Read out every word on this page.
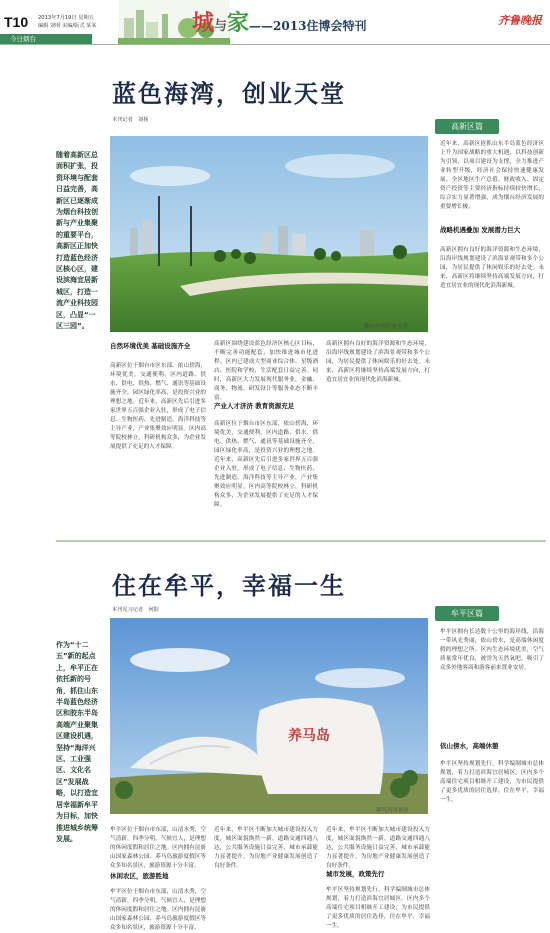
T10 2013年7月19日 星期五
编辑 刘明 美编/版式 某某
今日烟台
城与家——2013住博会特刊	齐鲁晚报
蓝色海湾，创业天堂
本刊记者　刘杨
高新区篇
随着高新区总面积扩张，投资环境与配套日益完善，高新区已逐渐成为烟台科技创新与产业集聚的重要平台，高新区正加快打造蓝色经济区核心区，建设滨海宜居新城区，打造一流产业科技园区，凸显“一区三园”。	烟台中国农业大学
近年来，高新区抢抓山东半岛蓝色经济区上升为国家战略的重大机遇，以科技创新为引领，以项目建设为支撑，全力推进产业转型升级，经济社会保持快速健康发展。全区地区生产总值、财政收入、固定资产投资等主要经济指标持续较快增长，综合实力显著增强，成为烟台经济发展的重要增长极。
战略机遇叠加 发展潜力巨大
高新区拥有良好的海洋资源和生态环境，沿海岸线规划建设了滨海景观带和多个公园，为居民提供了休闲娱乐的好去处。未来，高新区将继续坚持高端发展方向，打造宜居宜业的现代化滨海新城。
自然环境优美 基础设施齐全
高新区位于烟台市区东部，依山傍海，环境优美，交通便利。区内道路、供水、供电、供热、燃气、通讯等基础设施齐全，园区绿化率高，是投资兴业的理想之地。近年来，高新区先后引进多家世界五百强企业入驻，形成了电子信息、生物医药、先进制造、海洋科技等主导产业，产业集聚效应明显。区内高等院校林立，科研机构众多，为企业发展提供了充足的人才保障。
高新区围绕建设蓝色经济区核心区目标，不断完善功能配套，加快推进城市化进程。区内已建成大型商业综合体、星级酒店、医院和学校，生活配套日益完善。同时，高新区大力发展现代服务业，金融、商务、物流、研发设计等服务业态不断丰富。
产业人才济济 教育资源充足
高新区位于烟台市区东部，依山傍海，环境优美，交通便利。区内道路、供水、供电、供热、燃气、通讯等基础设施齐全，园区绿化率高，是投资兴业的理想之地。近年来，高新区先后引进多家世界五百强企业入驻，形成了电子信息、生物医药、先进制造、海洋科技等主导产业，产业集聚效应明显。区内高等院校林立，科研机构众多，为企业发展提供了充足的人才保障。
高新区拥有良好的海洋资源和生态环境，沿海岸线规划建设了滨海景观带和多个公园，为居民提供了休闲娱乐的好去处。未来，高新区将继续坚持高端发展方向，打造宜居宜业的现代化滨海新城。
住在牟平，幸福一生
本刊见习记者　何阳	牟平区篇
作为“十二五”新的起点上，牟平正在依托新的号角，抓住山东半岛蓝色经济区和胶东半岛高端产业聚集区建设机遇，坚持“海洋兴区、工业强区、文化名区”发展战略，以打造宜居幸福新牟平为目标，加快推进城乡统筹发展。
养马岛
养马岛风景区
牟平区拥有长达数十公里的海岸线，沿海一带风光秀丽，依山傍水，是高端休闲度假的理想之所。区内生态环境优美，空气质量常年优良，被誉为天然氧吧，吸引了众多外地客商和游客前来置业安居。
依山傍水，高端休憩
牟平区坚持规划先行，科学编制城市总体规划，着力打造滨海宜居城区。区内多个高端住宅项目相继开工建设，为市民提供了更多优质的居住选择，住在牟平，幸福一生。
牟平区位于烟台市东部，山清水秀，空气清新，四季分明，气候宜人，是理想的休闲度假和居住之地。区内拥有昆嵛山国家森林公园、养马岛旅游度假区等众多知名景区，旅游资源十分丰富。
休闲农区，旅游胜地
牟平区位于烟台市东部，山清水秀，空气清新，四季分明，气候宜人，是理想的休闲度假和居住之地。区内拥有昆嵛山国家森林公园、养马岛旅游度假区等众多知名景区，旅游资源十分丰富。
近年来，牟平区不断加大城市建设投入力度，城区面貌焕然一新。道路交通四通八达，公共服务设施日益完善，城市承载能力显著提升，为房地产业健康发展创造了良好条件。
近年来，牟平区不断加大城市建设投入力度，城区面貌焕然一新。道路交通四通八达，公共服务设施日益完善，城市承载能力显著提升，为房地产业健康发展创造了良好条件。
城市发展，政策先行
牟平区坚持规划先行，科学编制城市总体规划，着力打造滨海宜居城区。区内多个高端住宅项目相继开工建设，为市民提供了更多优质的居住选择，住在牟平，幸福一生。
